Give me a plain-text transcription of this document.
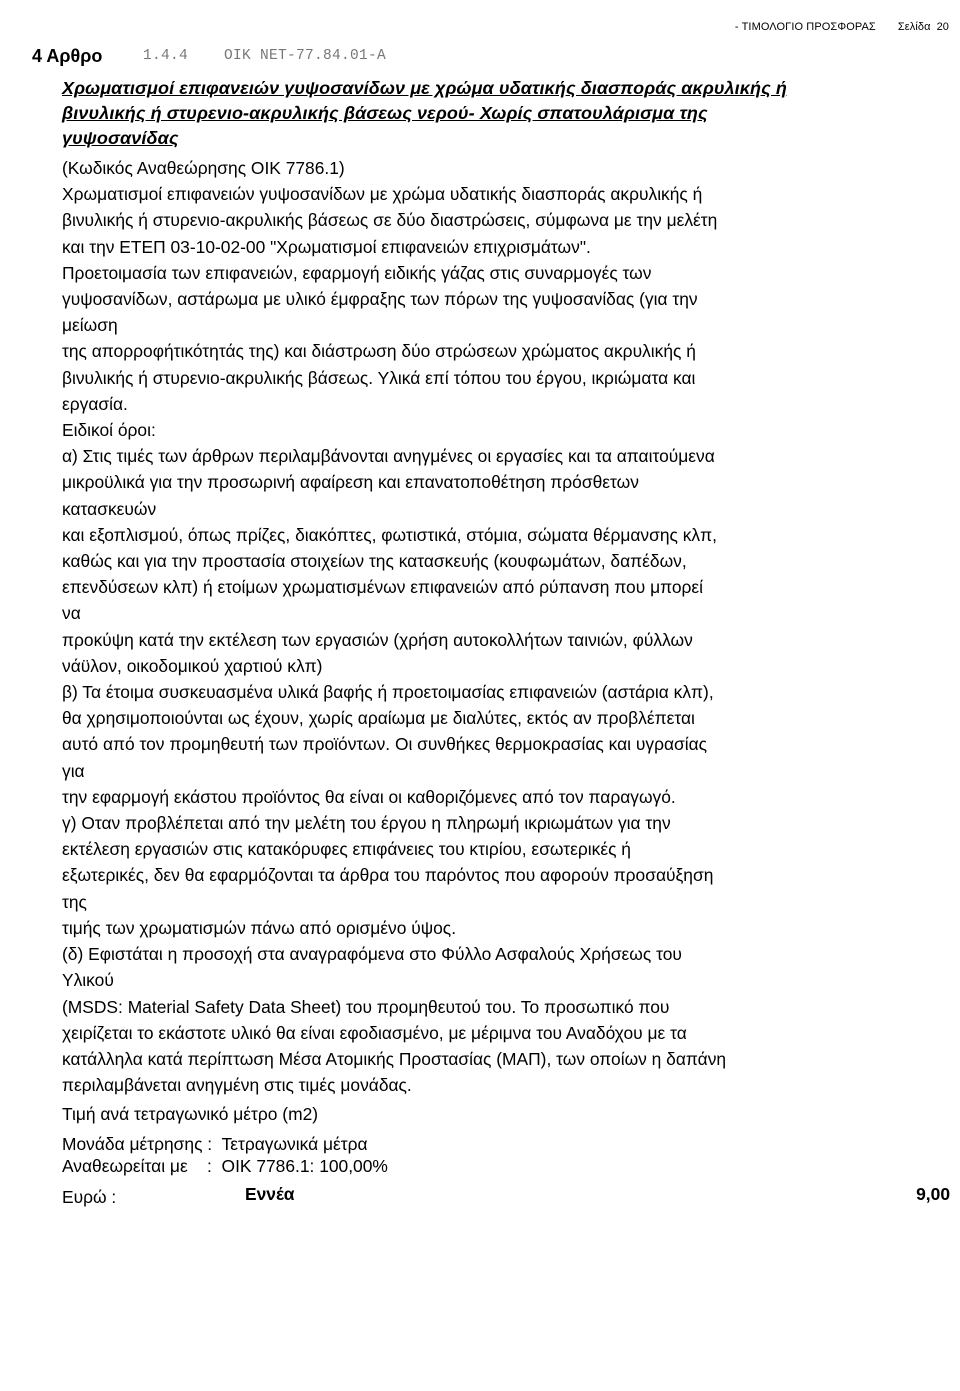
- ΤΙΜΟΛΟΓΙΟ ΠΡΟΣΦΟΡΑΣ Σελίδα 20
4 Αρθρο	1.4.4    ΟΙΚ ΝΕΤ-77.84.01-Α
Χρωματισμοί επιφανειών γυψοσανίδων με χρώμα υδατικής διασποράς ακρυλικής ή
βινυλικής ή στυρενιο-ακρυλικής βάσεως νερού- Χωρίς σπατουλάρισμα της
γυψοσανίδας
(Κωδικός Αναθεώρησης ΟΙΚ 7786.1)
Χρωματισμοί επιφανειών γυψοσανίδων με χρώμα υδατικής διασποράς ακρυλικής ή
βινυλικής ή στυρενιο-ακρυλικής βάσεως σε δύο διαστρώσεις, σύμφωνα με την μελέτη
και την ΕΤΕΠ 03-10-02-00 "Χρωματισμοί επιφανειών επιχρισμάτων".
Προετοιμασία των επιφανειών, εφαρμογή ειδικής γάζας στις συναρμογές των
γυψοσανίδων, αστάρωμα με υλικό έμφραξης των πόρων της γυψοσανίδας (για την
μείωση
της απορροφήτικότητάς της) και διάστρωση δύο στρώσεων χρώματος ακρυλικής ή
βινυλικής ή στυρενιο-ακρυλικής βάσεως. Υλικά επί τόπου του έργου, ικριώματα και
εργασία.
Ειδικοί όροι:
α) Στις τιμές των άρθρων περιλαμβάνονται ανηγμένες οι εργασίες και τα απαιτούμενα
μικροϋλικά για την προσωρινή αφαίρεση και επανατοποθέτηση πρόσθετων
κατασκευών
και εξοπλισμού, όπως πρίζες, διακόπτες, φωτιστικά, στόμια, σώματα θέρμανσης κλπ,
καθώς και για την προστασία στοιχείων της κατασκευής (κουφωμάτων, δαπέδων,
επενδύσεων κλπ) ή ετοίμων χρωματισμένων επιφανειών από ρύπανση που μπορεί
να
προκύψη κατά την εκτέλεση των εργασιών (χρήση αυτοκολλήτων ταινιών, φύλλων
νάϋλον, οικοδομικού χαρτιού κλπ)
β) Τα έτοιμα συσκευασμένα υλικά βαφής ή προετοιμασίας επιφανειών (αστάρια κλπ),
θα χρησιμοποιούνται ως έχουν, χωρίς αραίωμα με διαλύτες, εκτός αν προβλέπεται
αυτό από τον προμηθευτή των προϊόντων. Οι συνθήκες θερμοκρασίας και υγρασίας
για
την εφαρμογή εκάστου προϊόντος θα είναι οι καθοριζόμενες από τον παραγωγό.
γ) Οταν προβλέπεται από την μελέτη του έργου η πληρωμή ικριωμάτων για την
εκτέλεση εργασιών στις κατακόρυφες επιφάνειες του κτιρίου, εσωτερικές ή
εξωτερικές, δεν θα εφαρμόζονται τα άρθρα του παρόντος που αφορούν προσαύξηση
της
τιμής των χρωματισμών πάνω από ορισμένο ύψος.
(δ) Εφιστάται η προσοχή στα αναγραφόμενα στο Φύλλο Ασφαλούς Χρήσεως του
Υλικού
(MSDS: Material Safety Data Sheet) του προμηθευτού του. Το προσωπικό που
χειρίζεται το εκάστοτε υλικό θα είναι εφοδιασμένο, με μέριμνα του Αναδόχου με τα
κατάλληλα κατά περίπτωση Μέσα Ατομικής Προστασίας (ΜΑΠ), των οποίων η δαπάνη
περιλαμβάνεται ανηγμένη στις τιμές μονάδας.
Τιμή ανά τετραγωνικό μέτρο (m2)
Μονάδα μέτρησης : Τετραγωνικά μέτρα
Αναθεωρείται με : ΟΙΚ 7786.1: 100,00%
Ευρώ :	Εννέα	9,00
